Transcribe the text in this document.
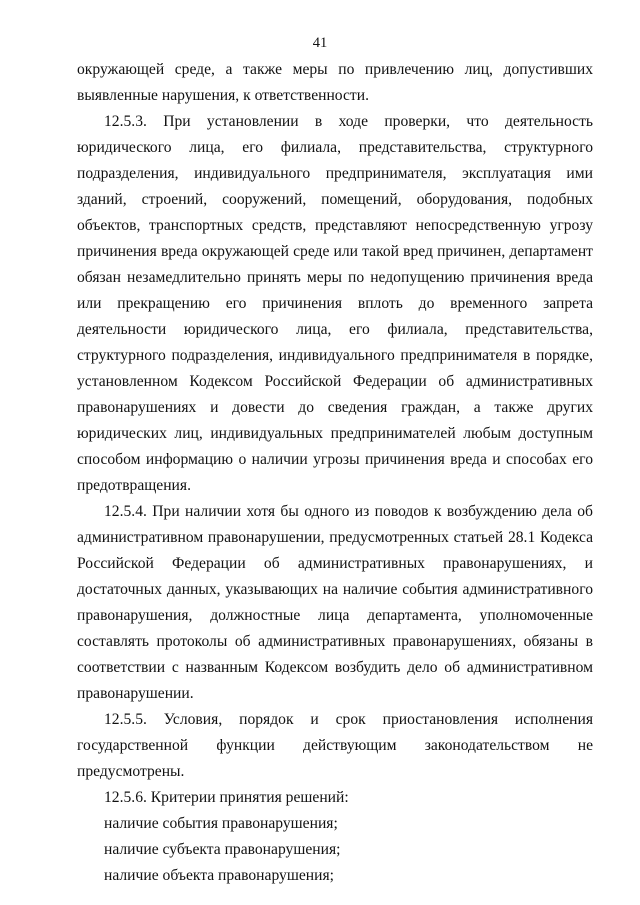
41

окружающей среде, а также меры по привлечению лиц, допустивших выявленные нарушения, к ответственности.

12.5.3. При установлении в ходе проверки, что деятельность юридического лица, его филиала, представительства, структурного подразделения, индивидуального предпринимателя, эксплуатация ими зданий, строений, сооружений, помещений, оборудования, подобных объектов, транспортных средств, представляют непосредственную угрозу причинения вреда окружающей среде или такой вред причинен, департамент обязан незамедлительно принять меры по недопущению причинения вреда или прекращению его причинения вплоть до временного запрета деятельности юридического лица, его филиала, представительства, структурного подразделения, индивидуального предпринимателя в порядке, установленном Кодексом Российской Федерации об административных правонарушениях и довести до сведения граждан, а также других юридических лиц, индивидуальных предпринимателей любым доступным способом информацию о наличии угрозы причинения вреда и способах его предотвращения.

12.5.4. При наличии хотя бы одного из поводов к возбуждению дела об административном правонарушении, предусмотренных статьей 28.1 Кодекса Российской Федерации об административных правонарушениях, и достаточных данных, указывающих на наличие события административного правонарушения, должностные лица департамента, уполномоченные составлять протоколы об административных правонарушениях, обязаны в соответствии с названным Кодексом возбудить дело об административном правонарушении.

12.5.5. Условия, порядок и срок приостановления исполнения государственной функции действующим законодательством не предусмотрены.

12.5.6. Критерии принятия решений:

наличие события правонарушения;

наличие субъекта правонарушения;

наличие объекта правонарушения;
